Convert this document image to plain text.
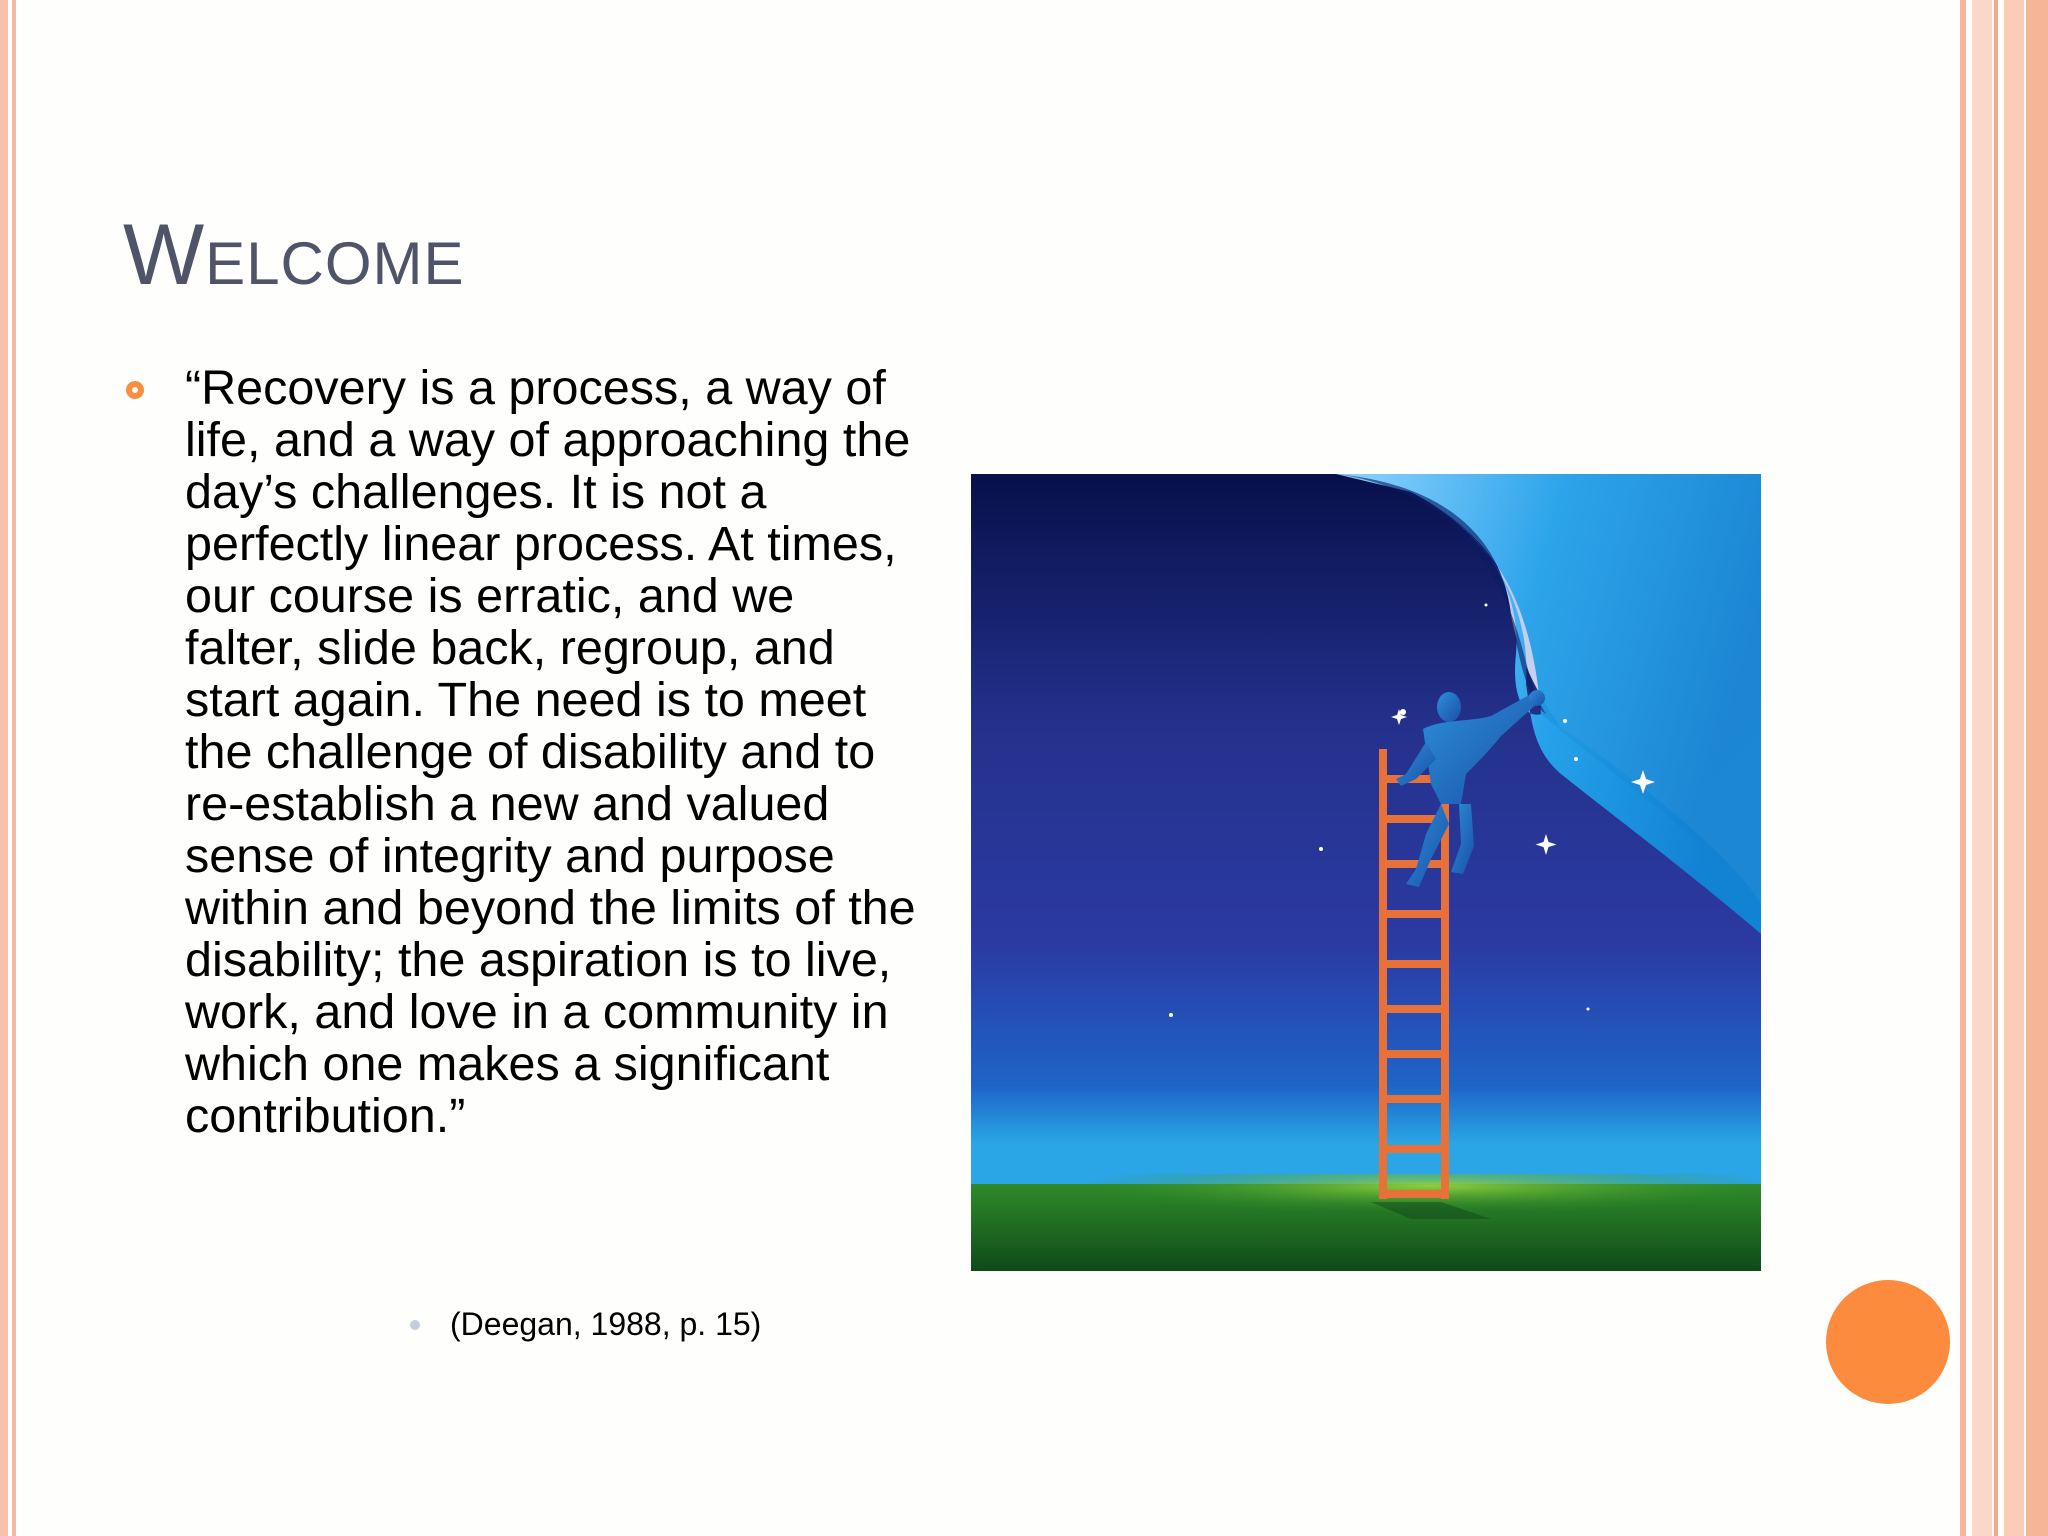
Welcome

“Recovery is a process, a way of life, and a way of approaching the day’s challenges. It is not a perfectly linear process. At times, our course is erratic, and we falter, slide back, regroup, and start again. The need is to meet the challenge of disability and to re-establish a new and valued sense of integrity and purpose within and beyond the limits of the disability; the aspiration is to live, work, and love in a community in which one makes a significant contribution.”

(Deegan, 1988, p. 15)
